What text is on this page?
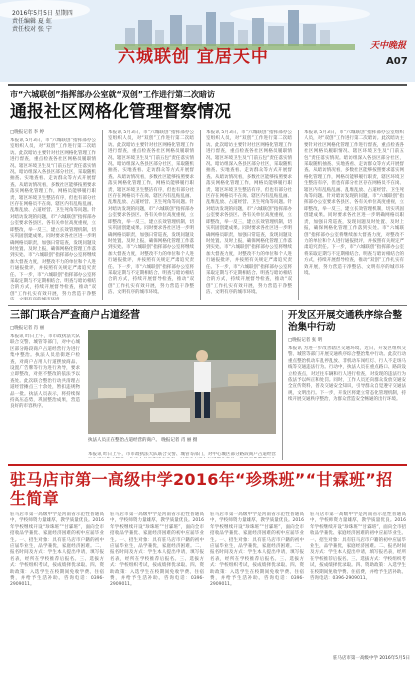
2016年5月5日 星期四
责任编辑 夏 虹
责任校对 张 宁
六城联创 宜居天中
天中晚报
A07
市“六城联创”指挥部办公室就“双创”工作进行第二次暗访
通报社区网格化管理督察情况
□晚报记者 李 婷
本报讯 5月3日，市“六城联创”指挥部办公室组织人员，对“双创”工作进行第二次暗访。此次暗访主要针对社区网格化管理工作进行督查，重点检查各社区网格员履职情况、辖区环境卫生及“门前五包”责任落实情况。暗访组深入各县区部分社区，采取随机抽查、实地查看、走访群众等方式开展督查。从暗访情况看，多数社区能够按照要求落实网格化管理工作，网格员能够履行职责，辖区环境卫生整洁有序，但也有部分社区存在网格员不在岗、辖区内有乱贴乱画、乱堆乱放、占道经营、卫生死角等问题。针对暗访发现的问题，市“六城联创”指挥部办公室要求各县区、各有关单位高度重视，立即整改，举一反三，建立长效管理机制，切实巩固创建成果。同时要求各社区进一步明确网格员职责，加强日常巡查，发现问题及时处置、及时上报，确保网格化管理工作落到实处。市“六城联创”指挥部办公室将继续加大督查力度，对整改不力的单位和个人进行通报批评，并按照有关规定严肃追究责任。下一步，市“六城联创”指挥部办公室将采取定期与不定期相结合、明查与暗访相结合的方式，持续开展督导检查，推动“双创”工作扎实有效开展，努力营造干净整
本报讯 5月3日，市“六城联创”指挥部办公室组织人员，对“双创”工作进行第二次暗访。此次暗访主要针对社区网格化管理工作进行督查，重点检查各社区网格员履职情况、辖区环境卫生及“门前五包”责任落实情况。暗访组深入各县区部分社区，采取随机抽查、实地查看、走访群众等方式开展督查。从暗访情况看，多数社区能够按照要求落实网格化管理工作，网格员能够履行职责，辖区环境卫生整洁有序，但也有部分社区存在网格员不在岗、辖区内有乱贴乱画、乱堆乱放、占道经营、卫生死角等问题。针对暗访发现的问题，市“六城联创”指挥部办公室要求各县区、各有关单位高度重视，立即整改，举一反三，建立长效管理机制，切实巩固创建成果。同时要求各社区进一步明确网格员职责，加强日常巡查，发现问题及时处置、及时上报，确保网格化管理工作落到实处。市“六城联创”指挥部办公室将继续加大督查力度，对整改不力的单位和个人进行通报批评，并按照有关规定严肃追究责任。下一步，市“六城联创”指挥部办公室将采取定期与不定期相结合、明查与暗访相结合的方式，持续开展督导检查，推动“双创”工作扎实有效开展，努力营造干净整洁、文明有序的城市环境。
本报讯 5月3日，市“六城联创”指挥部办公室组织人员，对“双创”工作进行第二次暗访。此次暗访主要针对社区网格化管理工作进行督查，重点检查各社区网格员履职情况、辖区环境卫生及“门前五包”责任落实情况。暗访组深入各县区部分社区，采取随机抽查、实地查看、走访群众等方式开展督查。从暗访情况看，多数社区能够按照要求落实网格化管理工作，网格员能够履行职责，辖区环境卫生整洁有序，但也有部分社区存在网格员不在岗、辖区内有乱贴乱画、乱堆乱放、占道经营、卫生死角等问题。针对暗访发现的问题，市“六城联创”指挥部办公室要求各县区、各有关单位高度重视，立即整改，举一反三，建立长效管理机制，切实巩固创建成果。同时要求各社区进一步明确网格员职责，加强日常巡查，发现问题及时处置、及时上报，确保网格化管理工作落到实处。市“六城联创”指挥部办公室将继续加大督查力度，对整改不力的单位和个人进行通报批评，并按照有关规定严肃追究责任。下一步，市“六城联创”指挥部办公室将采取定期与不定期相结合、明查与暗访相结合的方式，持续开展督导检查，推动“双创”工作扎实有效开展，努力营造干净整洁、文明有序的城市环境。
本报讯 5月3日，市“六城联创”指挥部办公室组织人员，对“双创”工作进行第二次暗访。此次暗访主要针对社区网格化管理工作进行督查，重点检查各社区网格员履职情况、辖区环境卫生及“门前五包”责任落实情况。暗访组深入各县区部分社区，采取随机抽查、实地查看、走访群众等方式开展督查。从暗访情况看，多数社区能够按照要求落实网格化管理工作，网格员能够履行职责，辖区环境卫生整洁有序，但也有部分社区存在网格员不在岗、辖区内有乱贴乱画、乱堆乱放、占道经营、卫生死角等问题。针对暗访发现的问题，市“六城联创”指挥部办公室要求各县区、各有关单位高度重视，立即整改，举一反三，建立长效管理机制，切实巩固创建成果。同时要求各社区进一步明确网格员职责，加强日常巡查，发现问题及时处置、及时上报，确保网格化管理工作落到实处。市“六城联创”指挥部办公室将继续加大督查力度，对整改不力的单位和个人进行通报批评，并按照有关规定严肃追究责任。下一步，市“六城联创”指挥部办公室将采取定期与不定期相结合、明查与暗访相结合的方式，持续开展督导检查，推动“双创”工作扎实有效开展，努力营造干净整洁、文明有序的城市环境。
三部门联合严查商户占道经营
□晚报记者 肖 丽
本报讯 昨日上午，市市政执法大队联合交警、城管等部门，对中心城区部分路段商户占道经营行为进行集中整治。执法人员沿街逐户检查，对商户占用人行道摆放商品、设置广告牌等行为进行劝导，要求立即整改，对拒不整改的依法予以查处。此次联合整治行动共清理占道经营摊点三十余处，暂扣违规物品一批。执法人员表示，将持续保持高压态势，巩固整治成果，营造良好的市容秩序。
执法人员正在整治占道经营的商户。 晚报记者 肖 丽 摄
本报讯 昨日上午，市市政执法大队联合交警、城管等部门，对中心城区部分路段商户占道经营
开发区开展交通秩序综合整治集中行动
□晚报记者 张 明
本报讯 为进一步改善辖区交通环境，近日，开发区组织交警、城管等部门开展交通秩序综合整治集中行动。此次行动重点整治机动车乱停乱放、非机动车闯红灯、行人不走斑马线等交通违法行为。行动中，执法人员在重点路口、路段设立检查点，对过往车辆和行人进行检查，对发现的违法行为依法予以纠正和处罚。同时，工作人员还向群众发放交通安全宣传资料，普及交通安全知识，引导群众自觉遵守交通法规，文明出行。下一步，开发区将建立常态化管理机制，持续开展交通秩序整治，为群众营造安全畅通的出行环境。
驻马店市第一高级中学2016年“珍珠班”“甘霖班”招生简章
驻马店市第一高级中学是河南省示范性普通高中，学校师资力量雄厚，教学质量优良。2016年学校继续开设“珍珠班”“甘霖班”，面向全市招收品学兼优、家庭经济困难的初中应届毕业生。一、招生对象：具有驻马店市户籍的初中应届毕业生，品学兼优，家庭经济困难。二、报名时间及方式：学生本人提出申请，填写报名表，经所在学校推荐后报名。三、选拔方式：学校组织考试，按成绩择优录取。四、资助政策：入选学生在校期间免收学费、住宿费，并给予生活补助。咨询电话：0396-2909011。
驻马店市第一高级中学是河南省示范性普通高中，学校师资力量雄厚，教学质量优良。2016年学校继续开设“珍珠班”“甘霖班”，面向全市招收品学兼优、家庭经济困难的初中应届毕业生。一、招生对象：具有驻马店市户籍的初中应届毕业生，品学兼优，家庭经济困难。二、报名时间及方式：学生本人提出申请，填写报名表，经所在学校推荐后报名。三、选拔方式：学校组织考试，按成绩择优录取。四、资助政策：入选学生在校期间免收学费、住宿费，并给予生活补助。咨询电话：0396-2909011。
驻马店市第一高级中学是河南省示范性普通高中，学校师资力量雄厚，教学质量优良。2016年学校继续开设“珍珠班”“甘霖班”，面向全市招收品学兼优、家庭经济困难的初中应届毕业生。一、招生对象：具有驻马店市户籍的初中应届毕业生，品学兼优，家庭经济困难。二、报名时间及方式：学生本人提出申请，填写报名表，经所在学校推荐后报名。三、选拔方式：学校组织考试，按成绩择优录取。四、资助政策：入选学生在校期间免收学费、住宿费，并给予生活补助。咨询电话：0396-2909011。
驻马店市第一高级中学是河南省示范性普通高中，学校师资力量雄厚，教学质量优良。2016年学校继续开设“珍珠班”“甘霖班”，面向全市招收品学兼优、家庭经济困难的初中应届毕业生。一、招生对象：具有驻马店市户籍的初中应届毕业生，品学兼优，家庭经济困难。二、报名时间及方式：学生本人提出申请，填写报名表，经所在学校推荐后报名。三、选拔方式：学校组织考试，按成绩择优录取。四、资助政策：入选学生在校期间免收学费、住宿费，并给予生活补助。咨询电话：0396-2909011。
驻马店市第一高级中学 2016年5月5日
